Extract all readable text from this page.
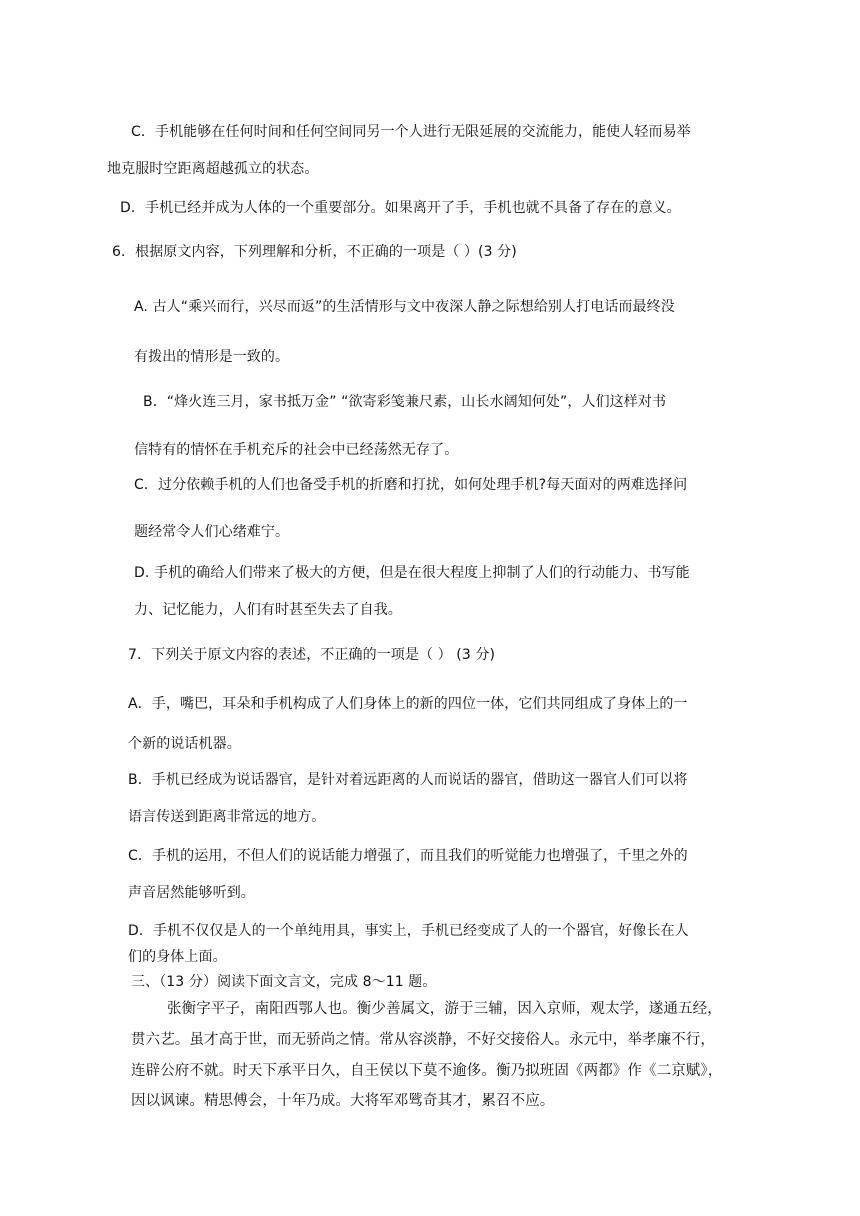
C．手机能够在任何时间和任何空间同另一个人进行无限延展的交流能力，能使人轻而易举
地克服时空距离超越孤立的状态。
D．手机已经并成为人体的一个重要部分。如果离开了手，手机也就不具备了存在的意义。
6．根据原文内容，下列理解和分析，不正确的一项是（ ）(3 分)
A. 古人“乘兴而行，兴尽而返”的生活情形与文中夜深人静之际想给别人打电话而最终没
有拨出的情形是一致的。
B．“烽火连三月，家书抵万金” “欲寄彩笺兼尺素，山长水阔知何处”，人们这样对书
信特有的情怀在手机充斥的社会中已经荡然无存了。
C．过分依赖手机的人们也备受手机的折磨和打扰，如何处理手机?每天面对的两难选择问
题经常令人们心绪难宁。
D. 手机的确给人们带来了极大的方便，但是在很大程度上抑制了人们的行动能力、书写能
力、记忆能力，人们有时甚至失去了自我。
7．下列关于原文内容的表述，不正确的一项是（ ） (3 分)
A．手，嘴巴，耳朵和手机构成了人们身体上的新的四位一体，它们共同组成了身体上的一
个新的说话机器。
B．手机已经成为说话器官，是针对着远距离的人而说话的器官，借助这一器官人们可以将
语言传送到距离非常远的地方。
C．手机的运用，不但人们的说话能力增强了，而且我们的听觉能力也增强了，千里之外的
声音居然能够听到。
D．手机不仅仅是人的一个单纯用具，事实上，手机已经变成了人的一个器官，好像长在人
们的身体上面。
三、（13 分）阅读下面文言文，完成 8～11 题。
张衡字平子，南阳西鄂人也。衡少善属文，游于三辅，因入京师，观太学，遂通五经，
贯六艺。虽才高于世，而无骄尚之情。常从容淡静，不好交接俗人。永元中，举孝廉不行，
连辟公府不就。时天下承平日久，自王侯以下莫不逾侈。衡乃拟班固《两都》作《二京赋》，
因以讽谏。精思傅会，十年乃成。大将军邓骘奇其才，累召不应。
